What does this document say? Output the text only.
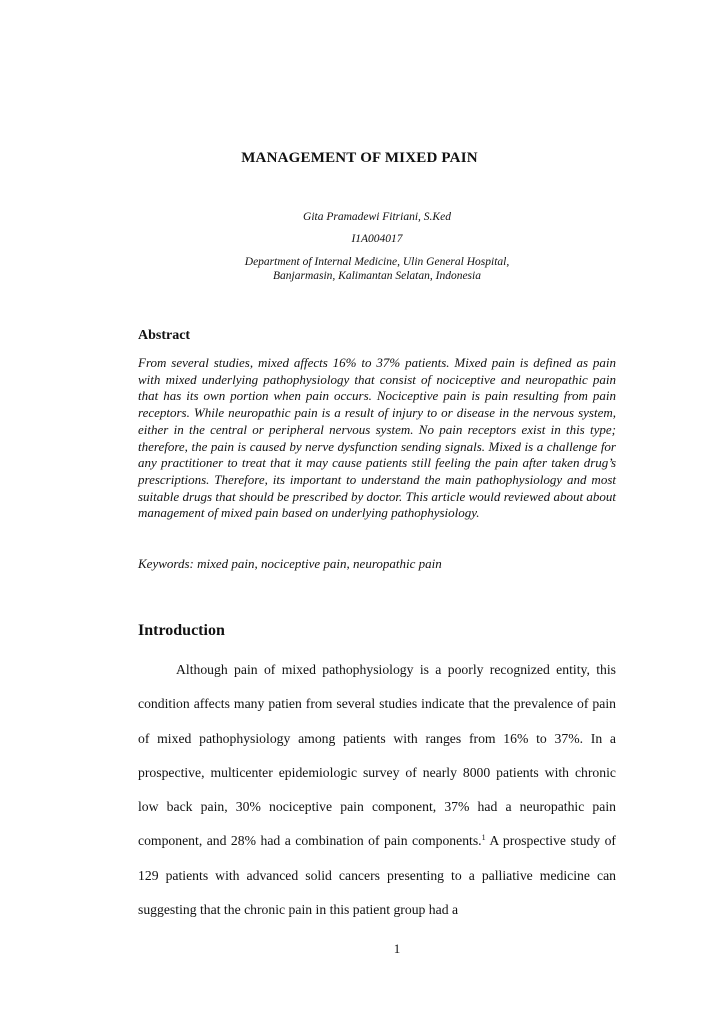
MANAGEMENT OF MIXED PAIN
Gita Pramadewi Fitriani, S.Ked
I1A004017
Department of Internal Medicine, Ulin General Hospital,
Banjarmasin, Kalimantan Selatan, Indonesia
Abstract
From several studies, mixed affects 16% to 37% patients. Mixed pain is defined as pain with mixed underlying pathophysiology that consist of nociceptive and neuropathic pain that has its own portion when pain occurs. Nociceptive pain is pain resulting from pain receptors. While neuropathic pain is a result of injury to or disease in the nervous system, either in the central or peripheral nervous system. No pain receptors exist in this type; therefore, the pain is caused by nerve dysfunction sending signals. Mixed is a challenge for any practitioner to treat that it may cause patients still feeling the pain after taken drug’s prescriptions. Therefore, its important to understand the main pathophysiology and most suitable drugs that should be prescribed by doctor. This article would reviewed about about management of mixed pain based on underlying pathophysiology.
Keywords: mixed pain, nociceptive pain, neuropathic pain
Introduction
Although pain of mixed pathophysiology is a poorly recognized entity, this condition affects many patien from several studies indicate that the prevalence of pain of mixed pathophysiology among patients with ranges from 16% to 37%. In a prospective, multicenter epidemiologic survey of nearly 8000 patients with chronic low back pain, 30% nociceptive pain component, 37% had a neuropathic pain component, and 28% had a combination of pain components.$^1$ A prospective study of 129 patients with advanced solid cancers presenting to a palliative medicine can suggesting that the chronic pain in this patient group had a
1
